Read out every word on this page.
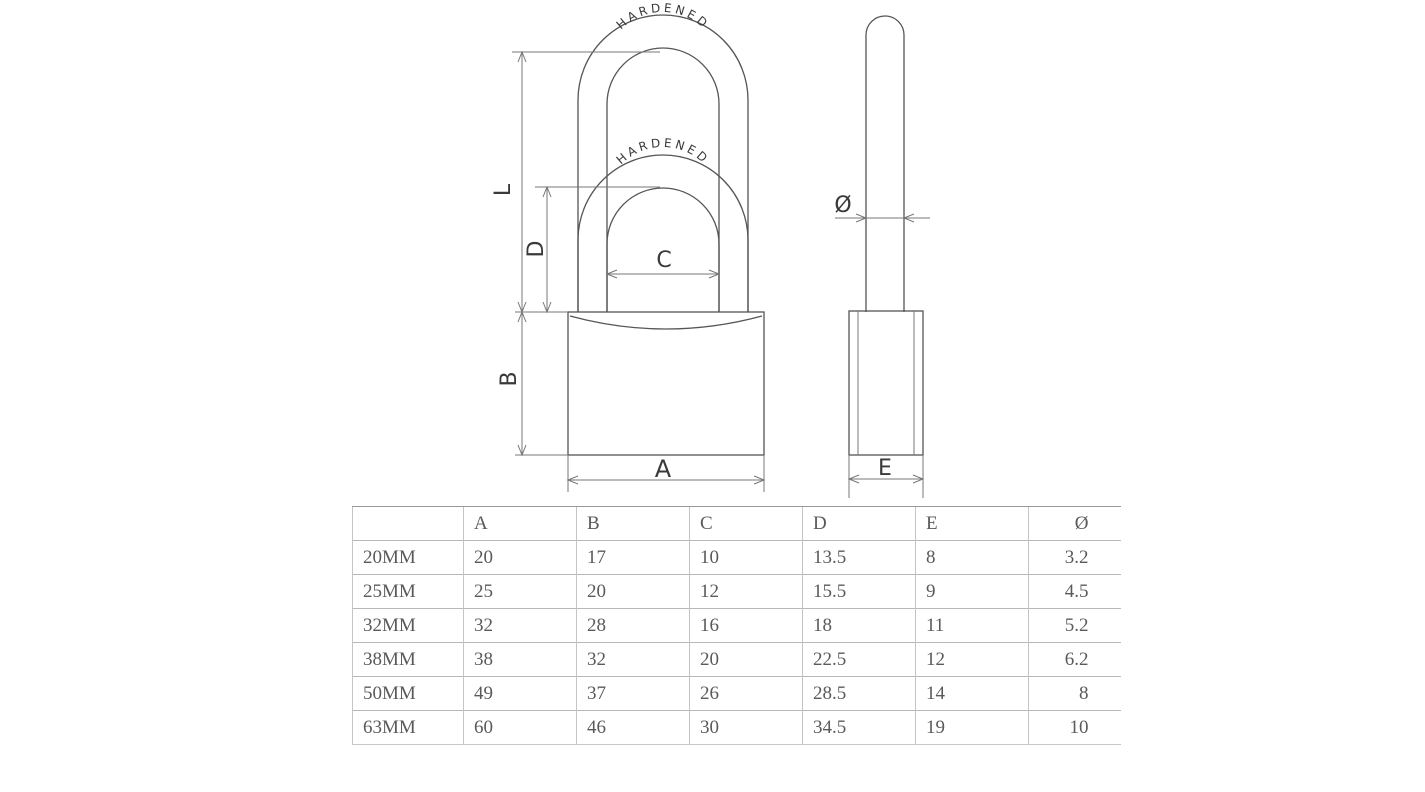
HARDENED
HARDENED
L
D	C
B
A	E
Ø
	A	B	C	D	E	Ø
20MM	20	17	10	13.5	8	3.2
25MM	25	20	12	15.5	9	4.5
32MM	32	28	16	18	11	5.2
38MM	38	32	20	22.5	12	6.2
50MM	49	37	26	28.5	14	8
63MM	60	46	30	34.5	19	10
